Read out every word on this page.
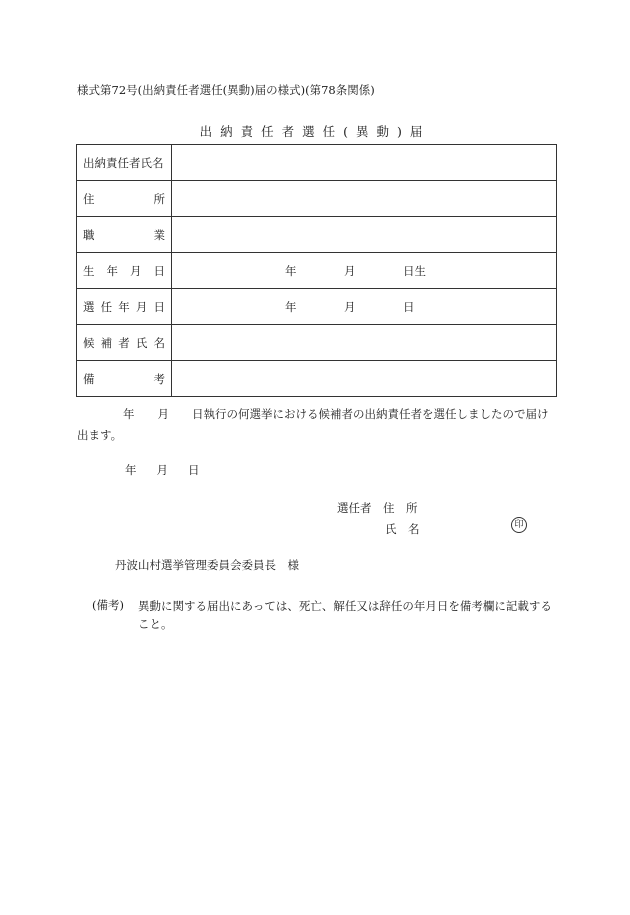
様式第72号(出納責任者選任(異動)届の様式)(第78条関係)
出納責任者選任(異動)届
出納責任者氏名	

住 所	

職 業	

生 年 月 日	年 月 日生

選 任 年 月 日	年 月 日

候 補 者 氏 名	

備 考	

　　　　年　　月　　日執行の何選挙における候補者の出納責任者を選任しましたので届け出ます。
年 月 日
選任者　住　所
氏　名	印
丹波山村選挙管理委員会委員長　様
(備考) 異動に関する届出にあっては、死亡、解任又は辞任の年月日を備考欄に記載すること。
